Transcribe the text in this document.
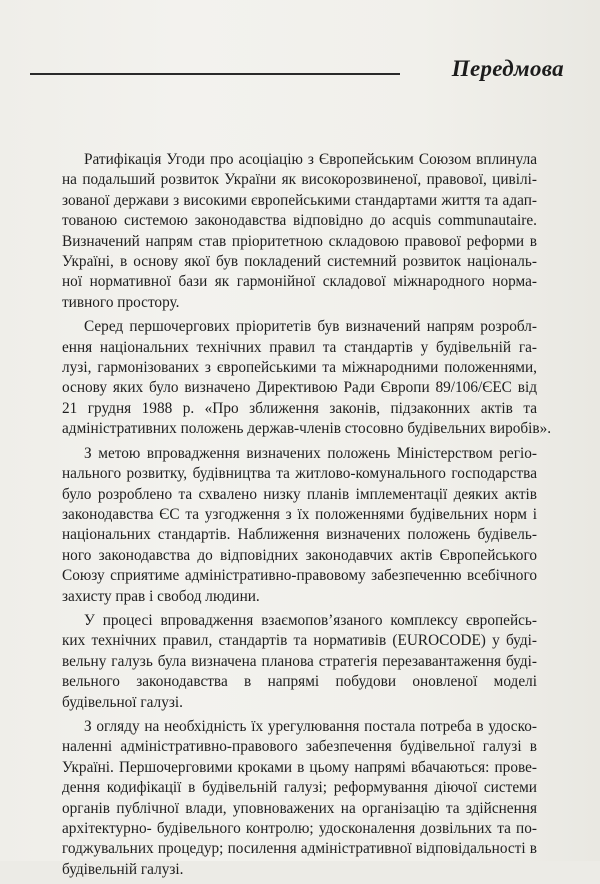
Передмова
Ратифікація Угоди про асоціацію з Європейським Союзом вплинула
на подальший розвиток України як високорозвиненої, правової, цивілі-
зованої держави з високими європейськими стандартами життя та адап-
тованою системою законодавства відповідно до acquis communautaire.
Визначений напрям став пріоритетною складовою правової реформи в
Україні, в основу якої був покладений системний розвиток національ-
ної нормативної бази як гармонійної складової міжнародного норма-
тивного простору.
Серед першочергових пріоритетів був визначений напрям розробл-
ення національних технічних правил та стандартів у будівельній га-
лузі, гармонізованих з європейськими та міжнародними положеннями,
основу яких було визначено Директивою Ради Європи 89/106/ЄЕС від
21 грудня 1988 р. «Про зближення законів, підзаконних актів та
адміністративних положень держав-членів стосовно будівельних виробів».
З метою впровадження визначених положень Міністерством регіо-
нального розвитку, будівництва та житлово-комунального господарства
було розроблено та схвалено низку планів імплементації деяких актів
законодавства ЄС та узгодження з їх положеннями будівельних норм і
національних стандартів. Наближення визначених положень будівель-
ного законодавства до відповідних законодавчих актів Європейського
Союзу сприятиме адміністративно-правовому забезпеченню всебічного
захисту прав і свобод людини.
У процесі впровадження взаємопов’язаного комплексу європейсь-
ких технічних правил, стандартів та нормативів (EUROCODE) у буді-
вельну галузь була визначена планова стратегія перезавантаження буді-
вельного законодавства в напрямі побудови оновленої моделі
будівельної галузі.
З огляду на необхідність їх урегулювання постала потреба в удоско-
наленні адміністративно-правового забезпечення будівельної галузі в
Україні. Першочерговими кроками в цьому напрямі вбачаються: прове-
дення кодифікації в будівельній галузі; реформування діючої системи
органів публічної влади, уповноважених на організацію та здійснення
архітектурно- будівельного контролю; удосконалення дозвільних та по-
годжувальних процедур; посилення адміністративної відповідальності в
будівельній галузі.
